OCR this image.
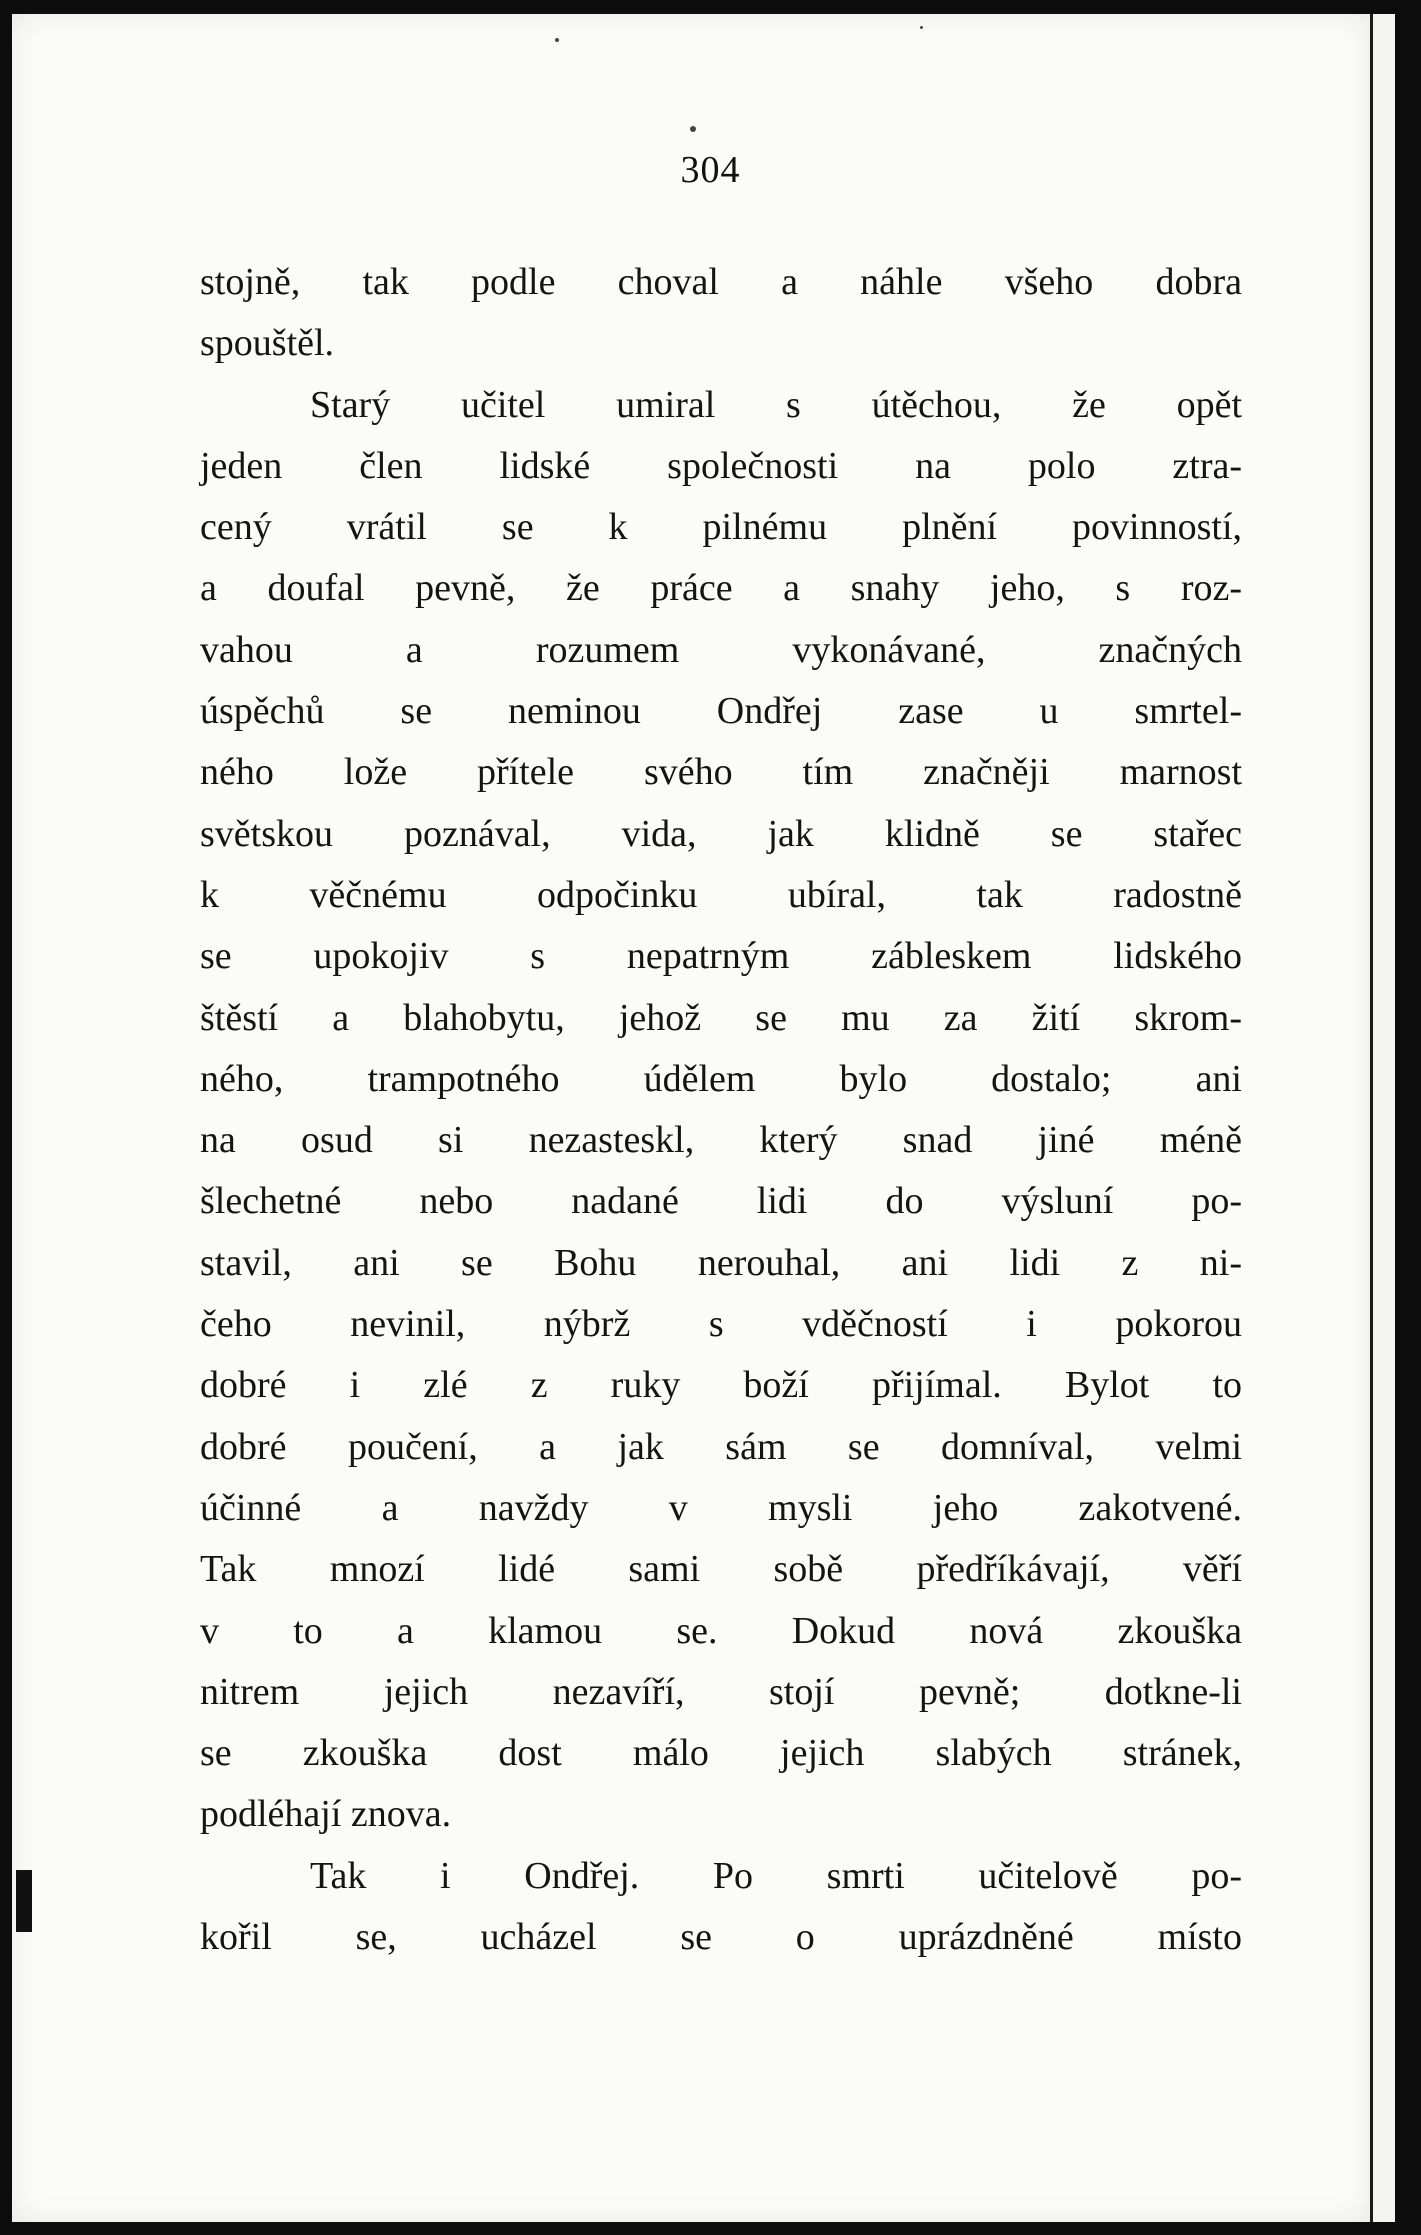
304
stojně, tak podle choval a náhle všeho dobra
spouštěl.
Starý učitel umiral s útěchou, že opět
jeden člen lidské společnosti na polo ztra-
cený vrátil se k pilnému plnění povinností,
a doufal pevně, že práce a snahy jeho, s roz-
vahou a rozumem vykonávané, značných
úspěchů se neminou Ondřej zase u smrtel-
ného lože přítele svého tím značněji marnost
světskou poznával, vida, jak klidně se stařec
k věčnému odpočinku ubíral, tak radostně
se upokojiv s nepatrným zábleskem lidského
štěstí a blahobytu, jehož se mu za žití skrom-
ného, trampotného údělem bylo dostalo; ani
na osud si nezasteskl, který snad jiné méně
šlechetné nebo nadané lidi do výsluní po-
stavil, ani se Bohu nerouhal, ani lidi z ni-
čeho nevinil, nýbrž s vděčností i pokorou
dobré i zlé z ruky boží přijímal. Bylot to
dobré poučení, a jak sám se domníval, velmi
účinné a navždy v mysli jeho zakotvené.
Tak mnozí lidé sami sobě předříkávají, věří
v to a klamou se. Dokud nová zkouška
nitrem jejich nezavíří, stojí pevně; dotkne-li
se zkouška dost málo jejich slabých stránek,
podléhají znova.
Tak i Ondřej. Po smrti učitelově po-
kořil se, ucházel se o uprázdněné místo
